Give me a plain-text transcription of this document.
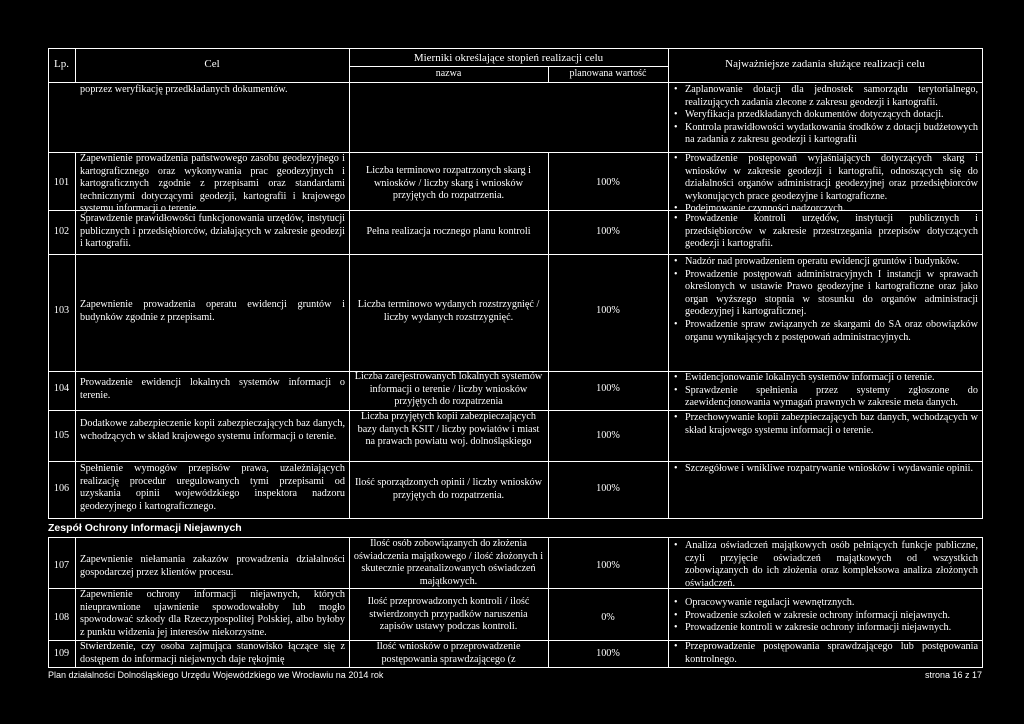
Lp.	Cel	Mierniki określające stopień realizacji celu
nazwa	planowana wartość
Najważniejsze zadania służące realizacji celu
poprzez weryfikację przedkładanych dokumentów.
•	Zaplanowanie dotacji dla jednostek samorządu terytorialnego, realizujących zadania zlecone z zakresu geodezji i kartografii.
• Weryfikacja przedkładanych dokumentów dotyczących dotacji.
• Kontrola prawidłowości wydatkowania środków z dotacji budżetowych na zadania z zakresu geodezji i kartografii
101
Zapewnienie prowadzenia państwowego zasobu geodezyjnego i kartograficznego oraz wykonywania prac geodezyjnych i kartograficznych zgodnie z przepisami oraz standardami technicznymi dotyczącymi geodezji, kartografii i krajowego systemu informacji o terenie.
Liczba terminowo rozpatrzonych skarg i wniosków / liczby skarg i wniosków przyjętych do rozpatrzenia.
100%
• Prowadzenie postępowań wyjaśniających dotyczących skarg i wniosków w zakresie geodezji i kartografii, odnoszących się do działalności organów administracji geodezyjnej oraz przedsiębiorców wykonujących prace geodezyjne i kartograficzne.
• Podejmowanie czynności nadzorczych.
102
Sprawdzenie prawidłowości funkcjonowania urzędów, instytucji publicznych i przedsiębiorców, działających w zakresie geodezji i kartografii.
Pełna realizacja rocznego planu kontroli	100%
• Prowadzenie kontroli urzędów, instytucji publicznych i przedsiębiorców w zakresie przestrzegania przepisów dotyczących geodezji i kartografii.
103
Zapewnienie prowadzenia operatu ewidencji gruntów i budynków zgodnie z przepisami.
Liczba terminowo wydanych rozstrzygnięć / liczby wydanych rozstrzygnięć.
100%
• Nadzór nad prowadzeniem operatu ewidencji gruntów i budynków.
• Prowadzenie postępowań administracyjnych I instancji w sprawach określonych w ustawie Prawo geodezyjne i kartograficzne oraz jako organ wyższego stopnia w stosunku do organów administracji geodezyjnej i kartograficznej.
• Prowadzenie spraw związanych ze skargami do SA oraz obowiązków organu wynikających z postępowań administracyjnych.
104
Prowadzenie ewidencji lokalnych systemów informacji o terenie.
Liczba zarejestrowanych lokalnych systemów informacji o terenie / liczby wniosków przyjętych do rozpatrzenia
100%
• Ewidencjonowanie lokalnych systemów informacji o terenie.
• Sprawdzenie spełnienia przez systemy zgłoszone do zaewidencjonowania wymagań prawnych w zakresie meta danych.
105
Dodatkowe zabezpieczenie kopii zabezpieczających baz danych, wchodzących w skład krajowego systemu informacji o terenie.
Liczba przyjętych kopii zabezpieczających bazy danych KSIT / liczby powiatów i miast na prawach powiatu woj. dolnośląskiego
100%
• Przechowywanie kopii zabezpieczających baz danych, wchodzących w skład krajowego systemu informacji o terenie.
106
Spełnienie wymogów przepisów prawa, uzależniających realizację procedur uregulowanych tymi przepisami od uzyskania opinii wojewódzkiego inspektora nadzoru geodezyjnego i kartograficznego.
Ilość sporządzonych opinii / liczby wniosków przyjętych do rozpatrzenia.
100%
• Szczegółowe i wnikliwe rozpatrywanie wniosków i wydawanie opinii.
Zespół Ochrony Informacji Niejawnych
107
Zapewnienie niełamania zakazów prowadzenia działalności gospodarczej przez klientów procesu.
Ilość osób zobowiązanych do złożenia oświadczenia majątkowego / ilość złożonych i skutecznie przeanalizowanych oświadczeń majątkowych.
100%
• Analiza oświadczeń majątkowych osób pełniących funkcje publiczne, czyli przyjęcie oświadczeń majątkowych od wszystkich zobowiązanych do ich złożenia oraz kompleksowa analiza złożonych oświadczeń.
108
Zapewnienie ochrony informacji niejawnych, których nieuprawnione ujawnienie spowodowałoby lub mogło spowodować szkody dla Rzeczypospolitej Polskiej, albo byłoby z punktu widzenia jej interesów niekorzystne.
Ilość przeprowadzonych kontroli / ilość stwierdzonych przypadków naruszenia zapisów ustawy podczas kontroli.
0%
• Opracowywanie regulacji wewnętrznych.
• Prowadzenie szkoleń w zakresie ochrony informacji niejawnych.
• Prowadzenie kontroli w zakresie ochrony informacji niejawnych.
109
Stwierdzenie, czy osoba zajmująca stanowisko łączące się z dostępem do informacji niejawnych daje rękojmię
Ilość wniosków o przeprowadzenie postępowania sprawdzającego (z
100%
• Przeprowadzenie postępowania sprawdzającego lub postępowania kontrolnego.
Plan działalności Dolnośląskiego Urzędu Wojewódzkiego we Wrocławiu na 2014 rok	strona 16 z 17
